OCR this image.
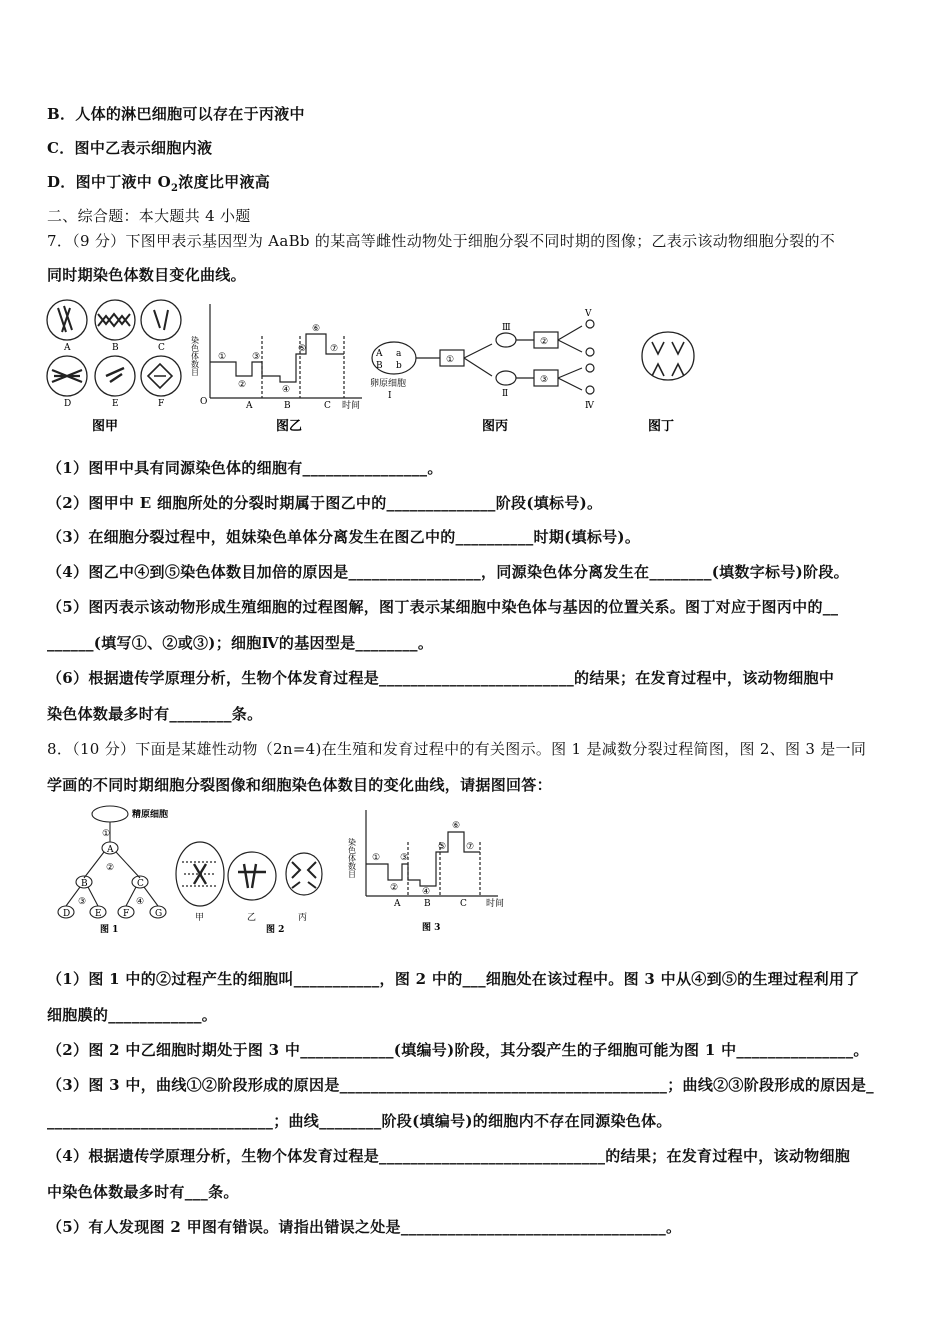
B．人体的淋巴细胞可以存在于丙液中
C．图中乙表示细胞内液
D．图中丁液中 $O_2$浓度比甲液高
二、综合题：本大题共 4 小题
7．（9 分）下图甲表示基因型为 AaBb 的某高等雌性动物处于细胞分裂不同时期的图像；乙表示该动物细胞分裂的不
同时期染色体数目变化曲线。
A	B	C
D	E	F
图甲
染色体数目
O	时间
A	B	C
①
②
③
④
⑤
⑥
⑦
图乙
A a
B b
卵原细胞
Ⅰ
①
Ⅲ
Ⅱ
②
③
Ⅴ
Ⅳ
图丙	图丁
（1）图甲中具有同源染色体的细胞有________________。
（2）图甲中 E 细胞所处的分裂时期属于图乙中的______________阶段(填标号)。
（3）在细胞分裂过程中，姐妹染色单体分离发生在图乙中的__________时期(填标号)。
（4）图乙中④到⑤染色体数目加倍的原因是_________________，同源染色体分离发生在________(填数字标号)阶段。
（5）图丙表示该动物形成生殖细胞的过程图解，图丁表示某细胞中染色体与基因的位置关系。图丁对应于图丙中的__
______(填写①、②或③)；细胞Ⅳ的基因型是________。
（6）根据遗传学原理分析，生物个体发育过程是_________________________的结果；在发育过程中，该动物细胞中
染色体数最多时有________条。
8．（10 分）下面是某雄性动物（2n=4)在生殖和发育过程中的有关图示。图 1 是减数分裂过程简图，图 2、图 3 是一同
学画的不同时期细胞分裂图像和细胞染色体数目的变化曲线，请据图回答：
精原细胞
①
A
②
B	C
③	④
D	E F	G
图 1
甲	乙	丙
图 2
染色体数目
时间
A	B	C
①
②
③
④
⑤
⑥
⑦
图 3
（1）图 1 中的②过程产生的细胞叫___________，图 2 中的___细胞处在该过程中。图 3 中从④到⑤的生理过程利用了
细胞膜的____________。
（2）图 2 中乙细胞时期处于图 3 中____________(填编号)阶段，其分裂产生的子细胞可能为图 1 中_______________。
（3）图 3 中，曲线①②阶段形成的原因是__________________________________________；曲线②③阶段形成的原因是_
_____________________________；曲线________阶段(填编号)的细胞内不存在同源染色体。
（4）根据遗传学原理分析，生物个体发育过程是_____________________________的结果；在发育过程中，该动物细胞
中染色体数最多时有___条。
（5）有人发现图 2 甲图有错误。请指出错误之处是__________________________________。
